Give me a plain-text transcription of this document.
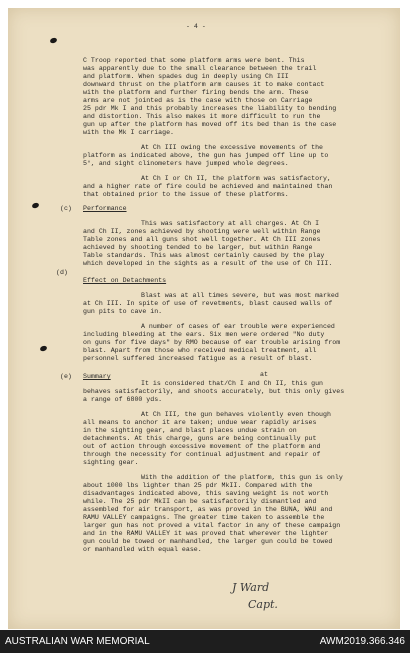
- 4 -
C Troop reported that some platform arms were bent. This
was apparently due to the small clearance between the trail
and platform. When spades dug in deeply using Ch III
downward thrust on the platform arm causes it to make contact
with the platform and further firing bends the arm. These
arms are not jointed as is the case with those on Carriage
25 pdr Mk I and this probably increases the liability to bending
and distortion. This also makes it more difficult to run the
gun up after the platform has moved off its bed than is the case
with the Mk I carriage.
At Ch III owing the excessive movements of the
platform as indicated above, the gun has jumped off line up to
5°, and sight clinometers have jumped whole degrees.
At Ch I or Ch II, the platform was satisfactory,
and a higher rate of fire could be achieved and maintained than
that obtained prior to the issue of these platforms.
(c) Performance
This was satisfactory at all charges. At Ch I
and Ch II, zones achieved by shooting were well within Range
Table zones and all guns shot well together. At Ch III zones
achieved by shooting tended to be larger, but within Range
Table standards. This was almost certainly caused by the play
which developed in the sights as a result of the use of Ch III.
(d)
Effect on Detachments
Blast was at all times severe, but was most marked
at Ch III. In spite of use of revetments, blast caused walls of
gun pits to cave in.
A number of cases of ear trouble were experienced
including bleeding at the ears. Six men were ordered "No duty
on guns for five days" by RMO because of ear trouble arising from
blast. Apart from those who received medical treatment, all
personnel suffered increased fatigue as a result of blast.
(e) Summary	at
It is considered that/Ch I and Ch II, this gun
behaves satisfactorily, and shoots accurately, but this only gives
a range of 6800 yds.
At Ch III, the gun behaves violently even though
all means to anchor it are taken; undue wear rapidly arises
in the sighting gear, and blast places undue strain on
detachments. At this charge, guns are being continually put
out of action through excessive movement of the platform and
through the necessity for continual adjustment and repair of
sighting gear.
With the addition of the platform, this gun is only
about 1000 lbs lighter than 25 pdr MkII. Compared with the
disadvantages indicated above, this saving weight is not worth
while. The 25 pdr MkII can be satisfactorily dismantled and
assembled for air transport, as was proved in the BUNA, WAU and
RAMU VALLEY campaigns. The greater time taken to assemble the
larger gun has not proved a vital factor in any of these campaign
and in the RAMU VALLEY it was proved that wherever the lighter
gun could be towed or manhandled, the larger gun could be towed
or manhandled with equal ease.
J Ward
Capt.
AUSTRALIAN WAR MEMORIAL	AWM2019.366.346
